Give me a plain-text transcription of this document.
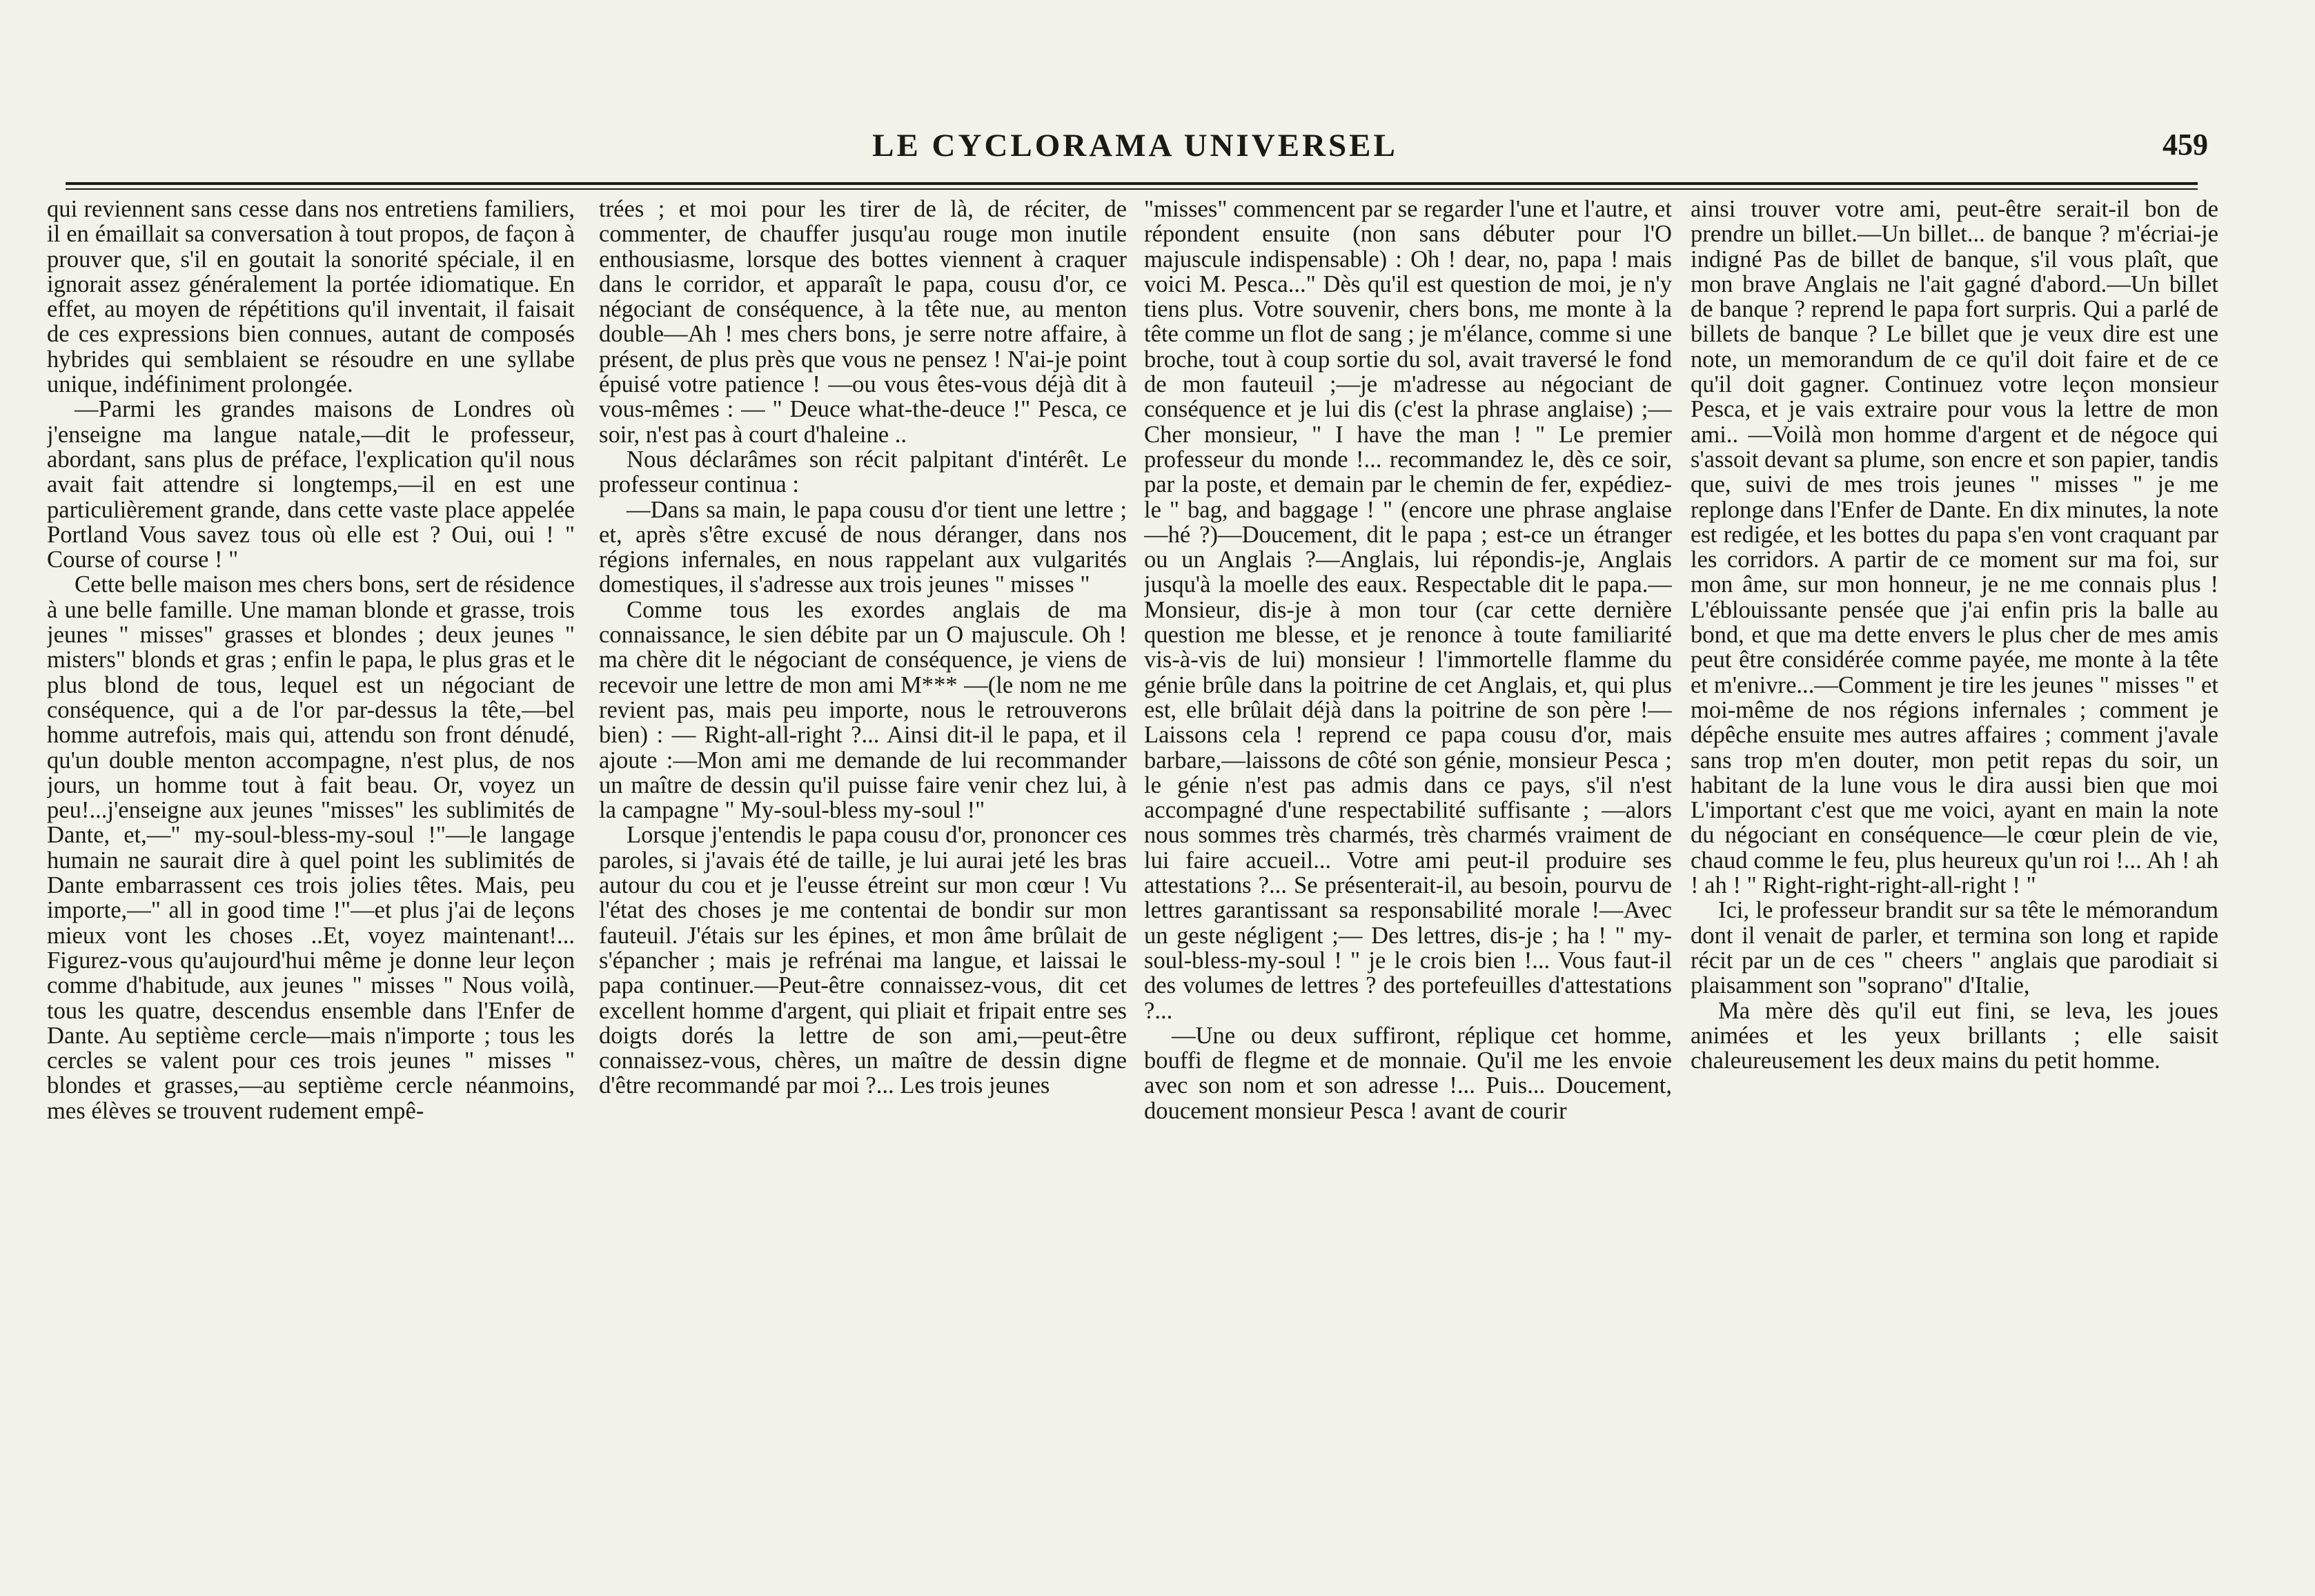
LE CYCLORAMA UNIVERSEL	459

qui reviennent sans cesse dans nos entretiens familiers, il en émaillait sa conversation à tout propos, de façon à prouver que, s'il en goutait la sonorité spéciale, il en ignorait assez généralement la portée idiomatique. En effet, au moyen de répétitions qu'il inventait, il faisait de ces expressions bien connues, autant de composés hybrides qui semblaient se résoudre en une syllabe unique, indéfiniment prolongée.

—Parmi les grandes maisons de Londres où j'enseigne ma langue natale,—dit le professeur, abordant, sans plus de préface, l'explication qu'il nous avait fait attendre si longtemps,—il en est une particulièrement grande, dans cette vaste place appelée Portland Vous savez tous où elle est ? Oui, oui ! " Course of course ! "

Cette belle maison mes chers bons, sert de résidence à une belle famille. Une maman blonde et grasse, trois jeunes " misses" grasses et blondes ; deux jeunes " misters" blonds et gras ; enfin le papa, le plus gras et le plus blond de tous, lequel est un négociant de conséquence, qui a de l'or par-dessus la tête,—bel homme autrefois, mais qui, attendu son front dénudé, qu'un double menton accompagne, n'est plus, de nos jours, un homme tout à fait beau. Or, voyez un peu!...j'enseigne aux jeunes "misses" les sublimités de Dante, et,—" my-soul-bless-my-soul !"—le langage humain ne saurait dire à quel point les sublimités de Dante embarrassent ces trois jolies têtes. Mais, peu importe,—" all in good time !"—et plus j'ai de leçons mieux vont les choses ..Et, voyez maintenant!... Figurez-vous qu'aujourd'hui même je donne leur leçon comme d'habitude, aux jeunes " misses " Nous voilà, tous les quatre, descendus ensemble dans l'Enfer de Dante. Au septième cercle—mais n'importe ; tous les cercles se valent pour ces trois jeunes " misses " blondes et grasses,—au septième cercle néanmoins, mes élèves se trouvent rudement empê-

trées ; et moi pour les tirer de là, de réciter, de commenter, de chauffer jusqu'au rouge mon inutile enthousiasme, lorsque des bottes viennent à craquer dans le corridor, et apparaît le papa, cousu d'or, ce négociant de conséquence, à la tête nue, au menton double—Ah ! mes chers bons, je serre notre affaire, à présent, de plus près que vous ne pensez ! N'ai-je point épuisé votre patience ! —ou vous êtes-vous déjà dit à vous-mêmes : — " Deuce what-the-deuce !" Pesca, ce soir, n'est pas à court d'haleine ..

Nous déclarâmes son récit palpitant d'intérêt. Le professeur continua :

—Dans sa main, le papa cousu d'or tient une lettre ; et, après s'être excusé de nous déranger, dans nos régions infernales, en nous rappelant aux vulgarités domestiques, il s'adresse aux trois jeunes " misses "

Comme tous les exordes anglais de ma connaissance, le sien débite par un O majuscule. Oh ! ma chère dit le négociant de conséquence, je viens de recevoir une lettre de mon ami M*** —(le nom ne me revient pas, mais peu importe, nous le retrouverons bien) : — Right-all-right ?... Ainsi dit-il le papa, et il ajoute :—Mon ami me demande de lui recommander un maître de dessin qu'il puisse faire venir chez lui, à la campagne " My-soul-bless my-soul !"

Lorsque j'entendis le papa cousu d'or, prononcer ces paroles, si j'avais été de taille, je lui aurai jeté les bras autour du cou et je l'eusse étreint sur mon cœur ! Vu l'état des choses je me contentai de bondir sur mon fauteuil. J'étais sur les épines, et mon âme brûlait de s'épancher ; mais je refrénai ma langue, et laissai le papa continuer.—Peut-être connaissez-vous, dit cet excellent homme d'argent, qui pliait et fripait entre ses doigts dorés la lettre de son ami,—peut-être connaissez-vous, chères, un maître de dessin digne d'être recommandé par moi ?... Les trois jeunes

"misses" commencent par se regarder l'une et l'autre, et répondent ensuite (non sans débuter pour l'O majuscule indispensable) : Oh ! dear, no, papa ! mais voici M. Pesca..." Dès qu'il est question de moi, je n'y tiens plus. Votre souvenir, chers bons, me monte à la tête comme un flot de sang ; je m'élance, comme si une broche, tout à coup sortie du sol, avait traversé le fond de mon fauteuil ;—je m'adresse au négociant de conséquence et je lui dis (c'est la phrase anglaise) ;—Cher monsieur, " I have the man ! " Le premier professeur du monde !... recommandez le, dès ce soir, par la poste, et demain par le chemin de fer, expédiez-le " bag, and baggage ! " (encore une phrase anglaise—hé ?)—Doucement, dit le papa ; est-ce un étranger ou un Anglais ?—Anglais, lui répondis-je, Anglais jusqu'à la moelle des eaux. Respectable dit le papa.—Monsieur, dis-je à mon tour (car cette dernière question me blesse, et je renonce à toute familiarité vis-à-vis de lui) monsieur ! l'immortelle flamme du génie brûle dans la poitrine de cet Anglais, et, qui plus est, elle brûlait déjà dans la poitrine de son père !—Laissons cela ! reprend ce papa cousu d'or, mais barbare,—laissons de côté son génie, monsieur Pesca ; le génie n'est pas admis dans ce pays, s'il n'est accompagné d'une respectabilité suffisante ; —alors nous sommes très charmés, très charmés vraiment de lui faire accueil... Votre ami peut-il produire ses attestations ?... Se présenterait-il, au besoin, pourvu de lettres garantissant sa responsabilité morale !—Avec un geste négligent ;— Des lettres, dis-je ; ha ! " my-soul-bless-my-soul ! " je le crois bien !... Vous faut-il des volumes de lettres ? des portefeuilles d'attestations ?...

—Une ou deux suffiront, réplique cet homme, bouffi de flegme et de monnaie. Qu'il me les envoie avec son nom et son adresse !... Puis... Doucement, doucement monsieur Pesca ! avant de courir

ainsi trouver votre ami, peut-être serait-il bon de prendre un billet.—Un billet... de banque ? m'écriai-je indigné Pas de billet de banque, s'il vous plaît, que mon brave Anglais ne l'ait gagné d'abord.—Un billet de banque ? reprend le papa fort surpris. Qui a parlé de billets de banque ? Le billet que je veux dire est une note, un memorandum de ce qu'il doit faire et de ce qu'il doit gagner. Continuez votre leçon monsieur Pesca, et je vais extraire pour vous la lettre de mon ami.. —Voilà mon homme d'argent et de négoce qui s'assoit devant sa plume, son encre et son papier, tandis que, suivi de mes trois jeunes " misses " je me replonge dans l'Enfer de Dante. En dix minutes, la note est redigée, et les bottes du papa s'en vont craquant par les corridors. A partir de ce moment sur ma foi, sur mon âme, sur mon honneur, je ne me connais plus ! L'éblouissante pensée que j'ai enfin pris la balle au bond, et que ma dette envers le plus cher de mes amis peut être considérée comme payée, me monte à la tête et m'enivre...—Comment je tire les jeunes " misses " et moi-même de nos régions infernales ; comment je dépêche ensuite mes autres affaires ; comment j'avale sans trop m'en douter, mon petit repas du soir, un habitant de la lune vous le dira aussi bien que moi L'important c'est que me voici, ayant en main la note du négociant en conséquence—le cœur plein de vie, chaud comme le feu, plus heureux qu'un roi !... Ah ! ah ! ah ! " Right-right-right-all-right ! "

Ici, le professeur brandit sur sa tête le mémorandum dont il venait de parler, et termina son long et rapide récit par un de ces " cheers " anglais que parodiait si plaisamment son "soprano" d'Italie,

Ma mère dès qu'il eut fini, se leva, les joues animées et les yeux brillants ; elle saisit chaleureusement les deux mains du petit homme.
